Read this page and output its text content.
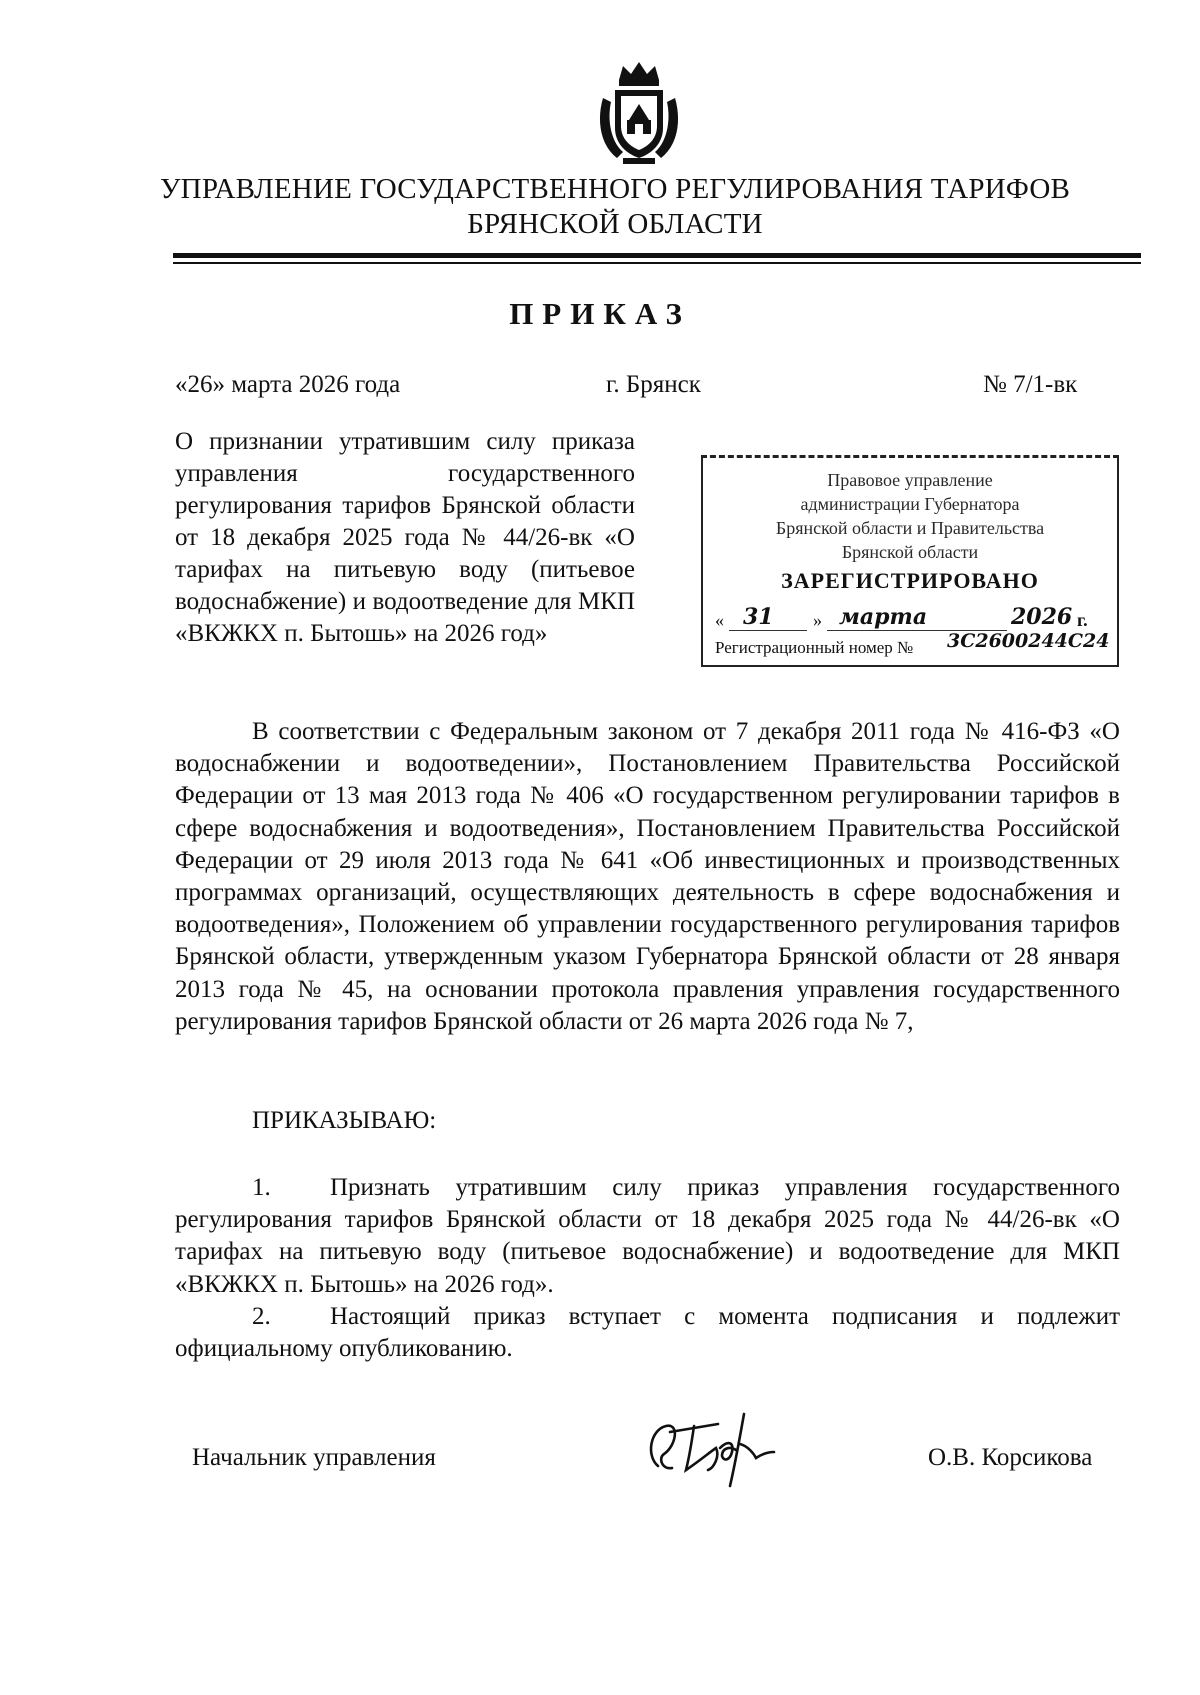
УПРАВЛЕНИЕ ГОСУДАРСТВЕННОГО РЕГУЛИРОВАНИЯ ТАРИФОВ БРЯНСКОЙ ОБЛАСТИ
ПРИКАЗ
«26» марта 2026 года	г. Брянск	№ 7/1-вк
О признании утратившим силу приказа управления государственного регулирования тарифов Брянской области от 18 декабря 2025 года № 44/26-вк «О тарифах на питьевую воду (питьевое водоснабжение) и водоотведение для МКП «ВКЖКХ п. Бытошь» на 2026 год»
Правовое управление
администрации Губернатора
Брянской области и Правительства
Брянской области
ЗАРЕГИСТРИРОВАНО
« 31 » марта	2026 г.
Регистрационный номер № 3С2600244С24
В соответствии с Федеральным законом от 7 декабря 2011 года № 416-ФЗ «О водоснабжении и водоотведении», Постановлением Правительства Российской Федерации от 13 мая 2013 года № 406 «О государственном регулировании тарифов в сфере водоснабжения и водоотведения», Постановлением Правительства Российской Федерации от 29 июля 2013 года № 641 «Об инвестиционных и производственных программах организаций, осуществляющих деятельность в сфере водоснабжения и водоотведения», Положением об управлении государственного регулирования тарифов Брянской области, утвержденным указом Губернатора Брянской области от 28 января 2013 года № 45, на основании протокола правления управления государственного регулирования тарифов Брянской области от 26 марта 2026 года № 7,
ПРИКАЗЫВАЮ:

1. Признать утратившим силу приказ управления государственного регулирования тарифов Брянской области от 18 декабря 2025 года № 44/26-вк «О тарифах на питьевую воду (питьевое водоснабжение) и водоотведение для МКП «ВКЖКХ п. Бытошь» на 2026 год».

2. Настоящий приказ вступает с момента подписания и подлежит официальному опубликованию.

Начальник управления	О.В. Корсикова
